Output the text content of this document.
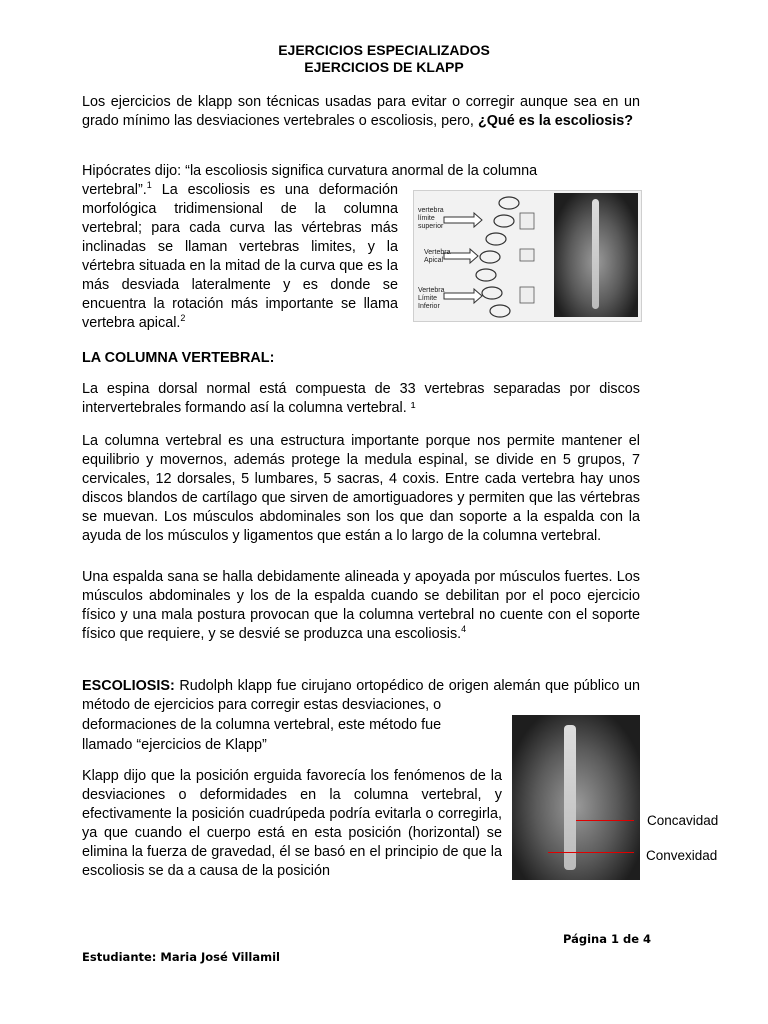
EJERCICIOS ESPECIALIZADOS
EJERCICIOS DE KLAPP
Los ejercicios de klapp son técnicas usadas para evitar o corregir aunque sea en un grado mínimo las desviaciones vertebrales o escoliosis, pero, ¿Qué es la escoliosis?
Hipócrates dijo: “la escoliosis significa curvatura anormal de la columna
vertebral”.$^1$ La escoliosis es una deformación morfológica tridimensional de la columna vertebral; para cada curva las vértebras más inclinadas se llaman vertebras limites, y la vértebra situada en la mitad de la curva que es la más desviada lateralmente y es donde se encuentra la rotación más importante se llama vertebra apical.$^2$
vertebra límite superior
Vertebra Apical
Vertebra Límite Inferior
LA COLUMNA VERTEBRAL:
La espina dorsal normal está compuesta de 33 vertebras separadas por discos intervertebrales formando así la columna vertebral. ¹
La columna vertebral es una estructura importante porque nos permite mantener el equilibrio y movernos, además protege la medula espinal, se divide en 5 grupos, 7 cervicales, 12 dorsales, 5 lumbares, 5 sacras, 4 coxis. Entre cada vertebra hay unos discos blandos de cartílago que sirven de amortiguadores y permiten que las vértebras se muevan. Los músculos abdominales son los que dan soporte a la espalda con la ayuda de los músculos y ligamentos que están a lo largo de la columna vertebral.
Una espalda sana se halla debidamente alineada y apoyada por músculos fuertes. Los músculos abdominales y los de la espalda cuando se debilitan por el poco ejercicio físico y una mala postura provocan que la columna vertebral no cuente con el soporte físico que requiere, y se desvié se produzca una escoliosis.$^4$
ESCOLIOSIS: Rudolph klapp fue cirujano ortopédico de origen alemán que público un método de ejercicios para corregir estas desviaciones, o
deformaciones de la columna vertebral, este método fue
llamado “ejercicios de Klapp”
Klapp dijo que la posición erguida favorecía los fenómenos de la desviaciones o deformidades en la columna vertebral, y efectivamente la posición cuadrúpeda podría evitarla o corregirla, ya que cuando el cuerpo está en esta posición (horizontal) se elimina la fuerza de gravedad, él se basó en el principio de que la escoliosis se da a causa de la posición
Concavidad
Convexidad
Página 1 de 4
Estudiante: Maria José Villamil
